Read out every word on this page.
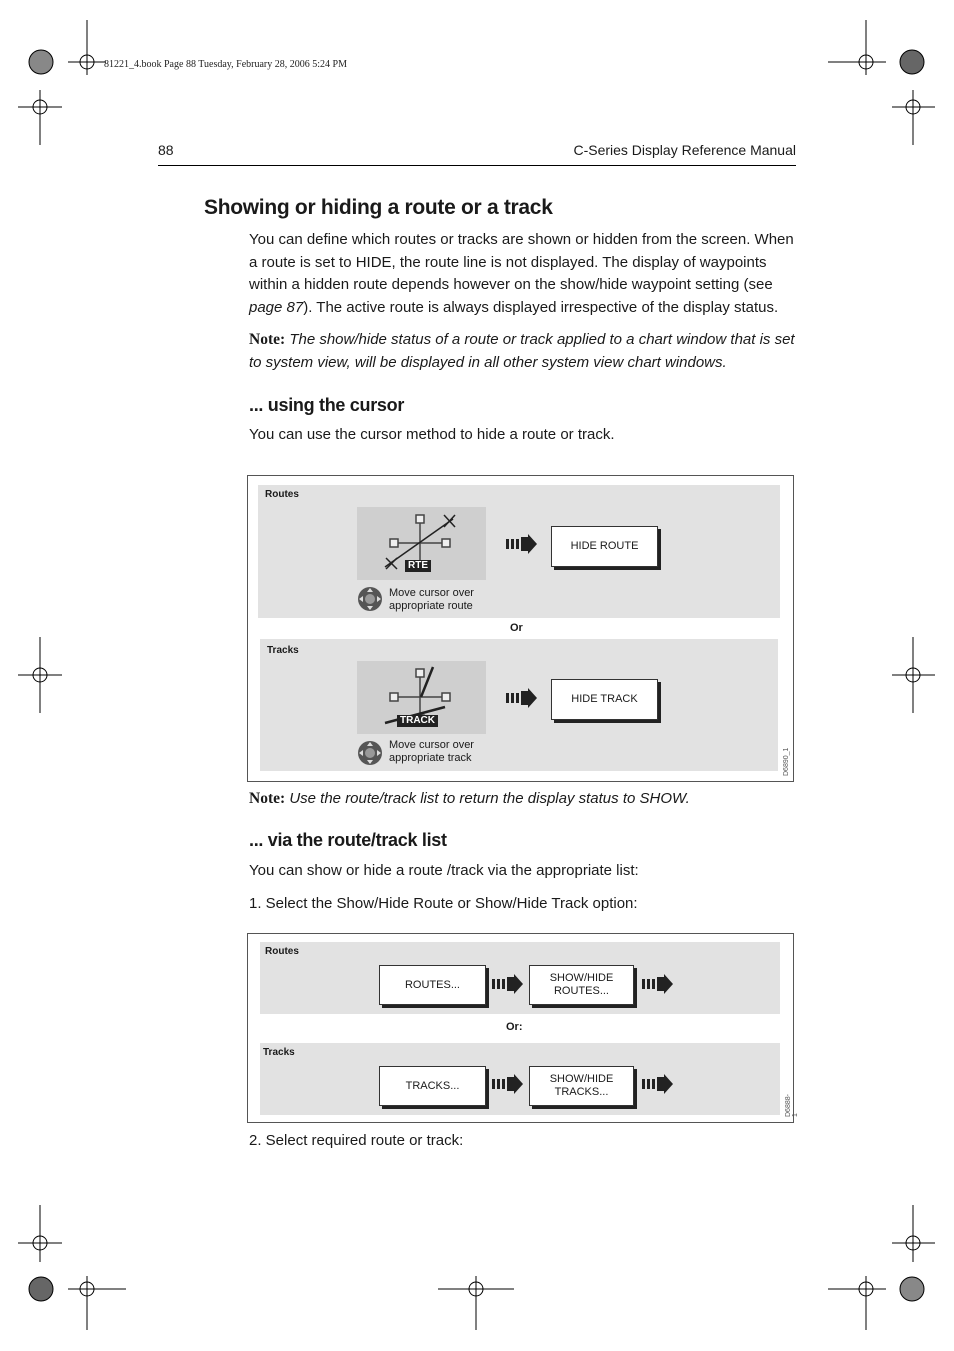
81221_4.book Page 88 Tuesday, February 28, 2006 5:24 PM
88	C-Series Display Reference Manual
Showing or hiding a route or a track
You can define which routes or tracks are shown or hidden from the screen. When a route is set to HIDE, the route line is not displayed. The display of waypoints within a hidden route depends however on the show/hide waypoint setting (see page 87). The active route is always displayed irrespective of the display status.
Note: The show/hide status of a route or track applied to a chart window that is set to system view, will be displayed in all other system view chart windows.
... using the cursor
You can use the cursor method to hide a route or track.
Routes
RTE
Move cursor over
appropriate route
HIDE ROUTE
Or
Tracks
TRACK
Move cursor over
appropriate track
HIDE TRACK
D6890_1
Note: Use the route/track list to return the display status to SHOW.
... via the route/track list
You can show or hide a route /track via the appropriate list:
1. Select the Show/Hide Route or Show/Hide Track option:
Routes
ROUTES...
SHOW/HIDE
ROUTES...
Or:
Tracks
TRACKS...
SHOW/HIDE
TRACKS...
D6888-1
2. Select required route or track:
